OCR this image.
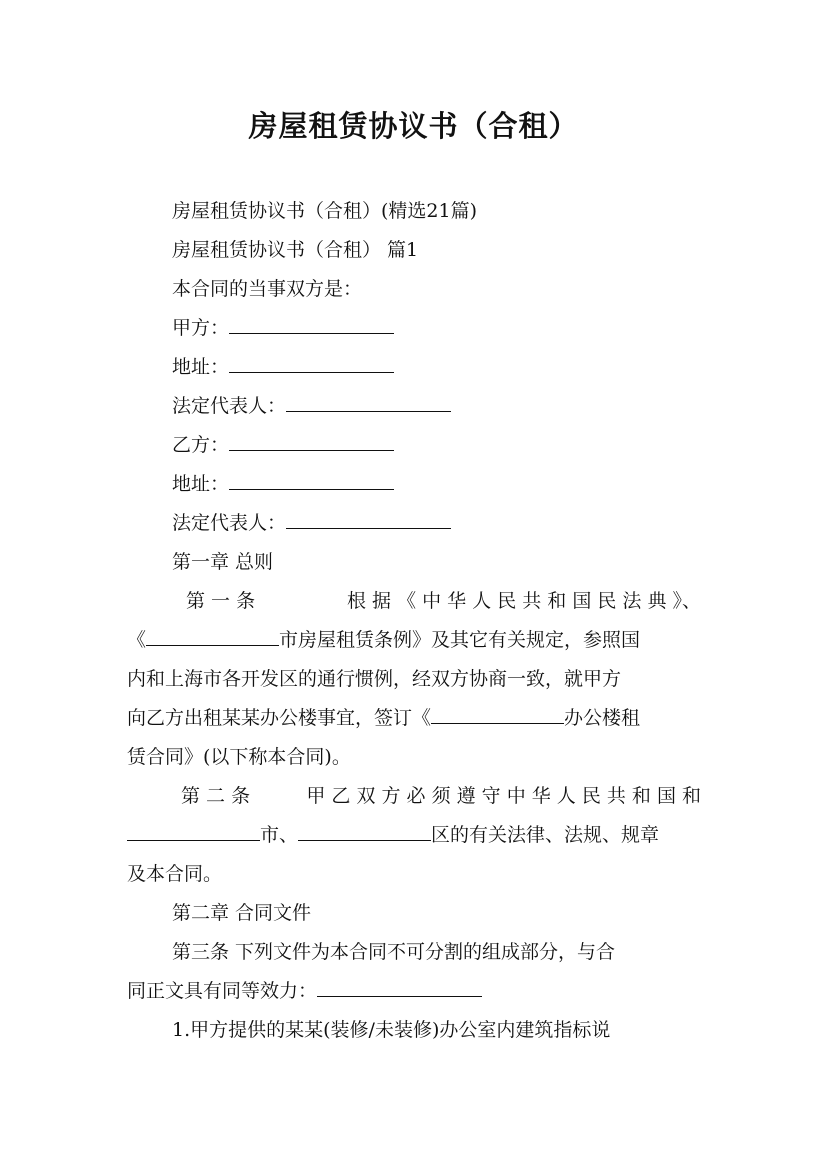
房屋租赁协议书（合租）
房屋租赁协议书（合租）(精选21篇)
房屋租赁协议书（合租） 篇1
本合同的当事双方是：
甲方：
地址：
法定代表人：
乙方：
地址：
法定代表人：
第一章 总则
第 一 条	根 据 《 中 华 人 民 共 和 国 民 法 典 》、
《	市房屋租赁条例》及其它有关规定，参照国
内和上海市各开发区的通行惯例，经双方协商一致，就甲方
向乙方出租某某办公楼事宜，签订《	办公楼租
赁合同》(以下称本合同)。
第 二 条	甲 乙 双 方 必 须 遵 守 中 华 人 民 共 和 国 和
市、	区的有关法律、法规、规章
及本合同。
第二章 合同文件
第三条 下列文件为本合同不可分割的组成部分，与合
同正文具有同等效力：
1.甲方提供的某某(装修/未装修)办公室内建筑指标说
